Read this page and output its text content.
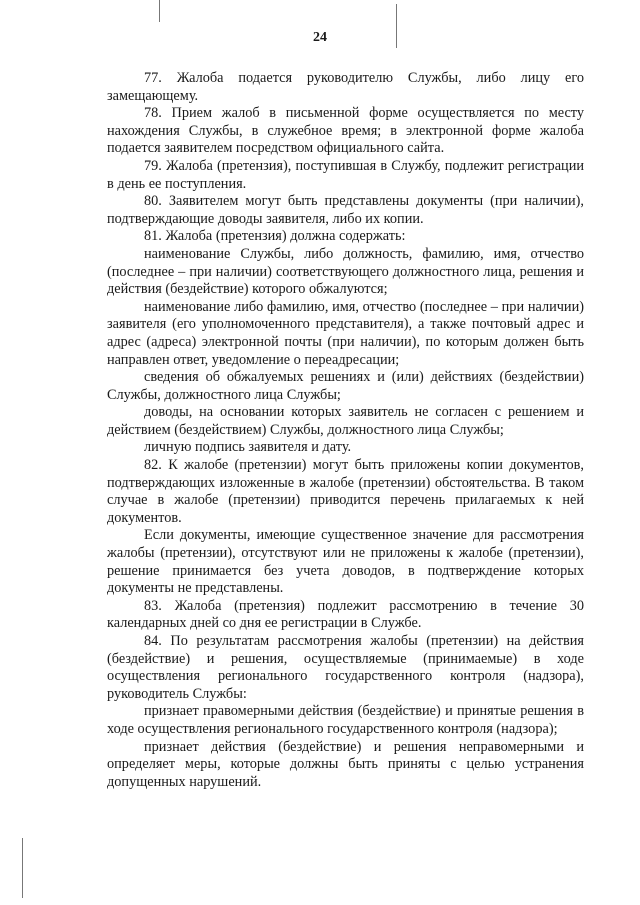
24

77. Жалоба подается руководителю Службы, либо лицу его замещающему.

78. Прием жалоб в письменной форме осуществляется по месту нахождения Службы, в служебное время; в электронной форме жалоба подается заявителем посредством официального сайта.

79. Жалоба (претензия), поступившая в Службу, подлежит регистрации в день ее поступления.

80. Заявителем могут быть представлены документы (при наличии), подтверждающие доводы заявителя, либо их копии.

81. Жалоба (претензия) должна содержать:

наименование Службы, либо должность, фамилию, имя, отчество (последнее – при наличии) соответствующего должностного лица, решения и действия (бездействие) которого обжалуются;

наименование либо фамилию, имя, отчество (последнее – при наличии) заявителя (его уполномоченного представителя), а также почтовый адрес и адрес (адреса) электронной почты (при наличии), по которым должен быть направлен ответ, уведомление о переадресации;

сведения об обжалуемых решениях и (или) действиях (бездействии) Службы, должностного лица Службы;

доводы, на основании которых заявитель не согласен с решением и действием (бездействием) Службы, должностного лица Службы;

личную подпись заявителя и дату.

82. К жалобе (претензии) могут быть приложены копии документов, подтверждающих изложенные в жалобе (претензии) обстоятельства. В таком случае в жалобе (претензии) приводится перечень прилагаемых к ней документов.

Если документы, имеющие существенное значение для рассмотрения жалобы (претензии), отсутствуют или не приложены к жалобе (претензии), решение принимается без учета доводов, в подтверждение которых документы не представлены.

83. Жалоба (претензия) подлежит рассмотрению в течение 30 календарных дней со дня ее регистрации в Службе.

84. По результатам рассмотрения жалобы (претензии) на действия (бездействие) и решения, осуществляемые (принимаемые) в ходе осуществления регионального государственного контроля (надзора), руководитель Службы:

признает правомерными действия (бездействие) и принятые решения в ходе осуществления регионального государственного контроля (надзора);

признает действия (бездействие) и решения неправомерными и определяет меры, которые должны быть приняты с целью устранения допущенных нарушений.
